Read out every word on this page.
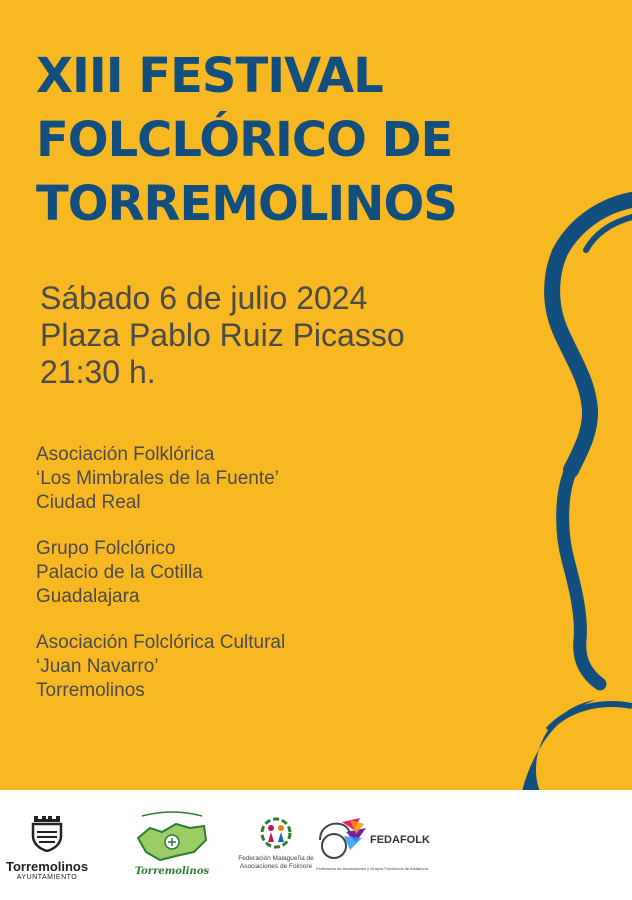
XIII FESTIVAL
FOLCLÓRICO DE
TORREMOLINOS
Sábado 6 de julio 2024
Plaza Pablo Ruiz Picasso
21:30 h.
Asociación Folklórica
‘Los Mimbrales de la Fuente’
Ciudad Real
Grupo Folclórico
Palacio de la Cotilla
Guadalajara
Asociación Folclórica Cultural
‘Juan Navarro’
Torremolinos
Torremolinos
AYUNTAMIENTO
Torremolinos
Federación Malagueña de
Asociaciones de Folclore
FEDAFOLK
Federación de Asociaciones y Grupos Folclóricos de Andalucía
